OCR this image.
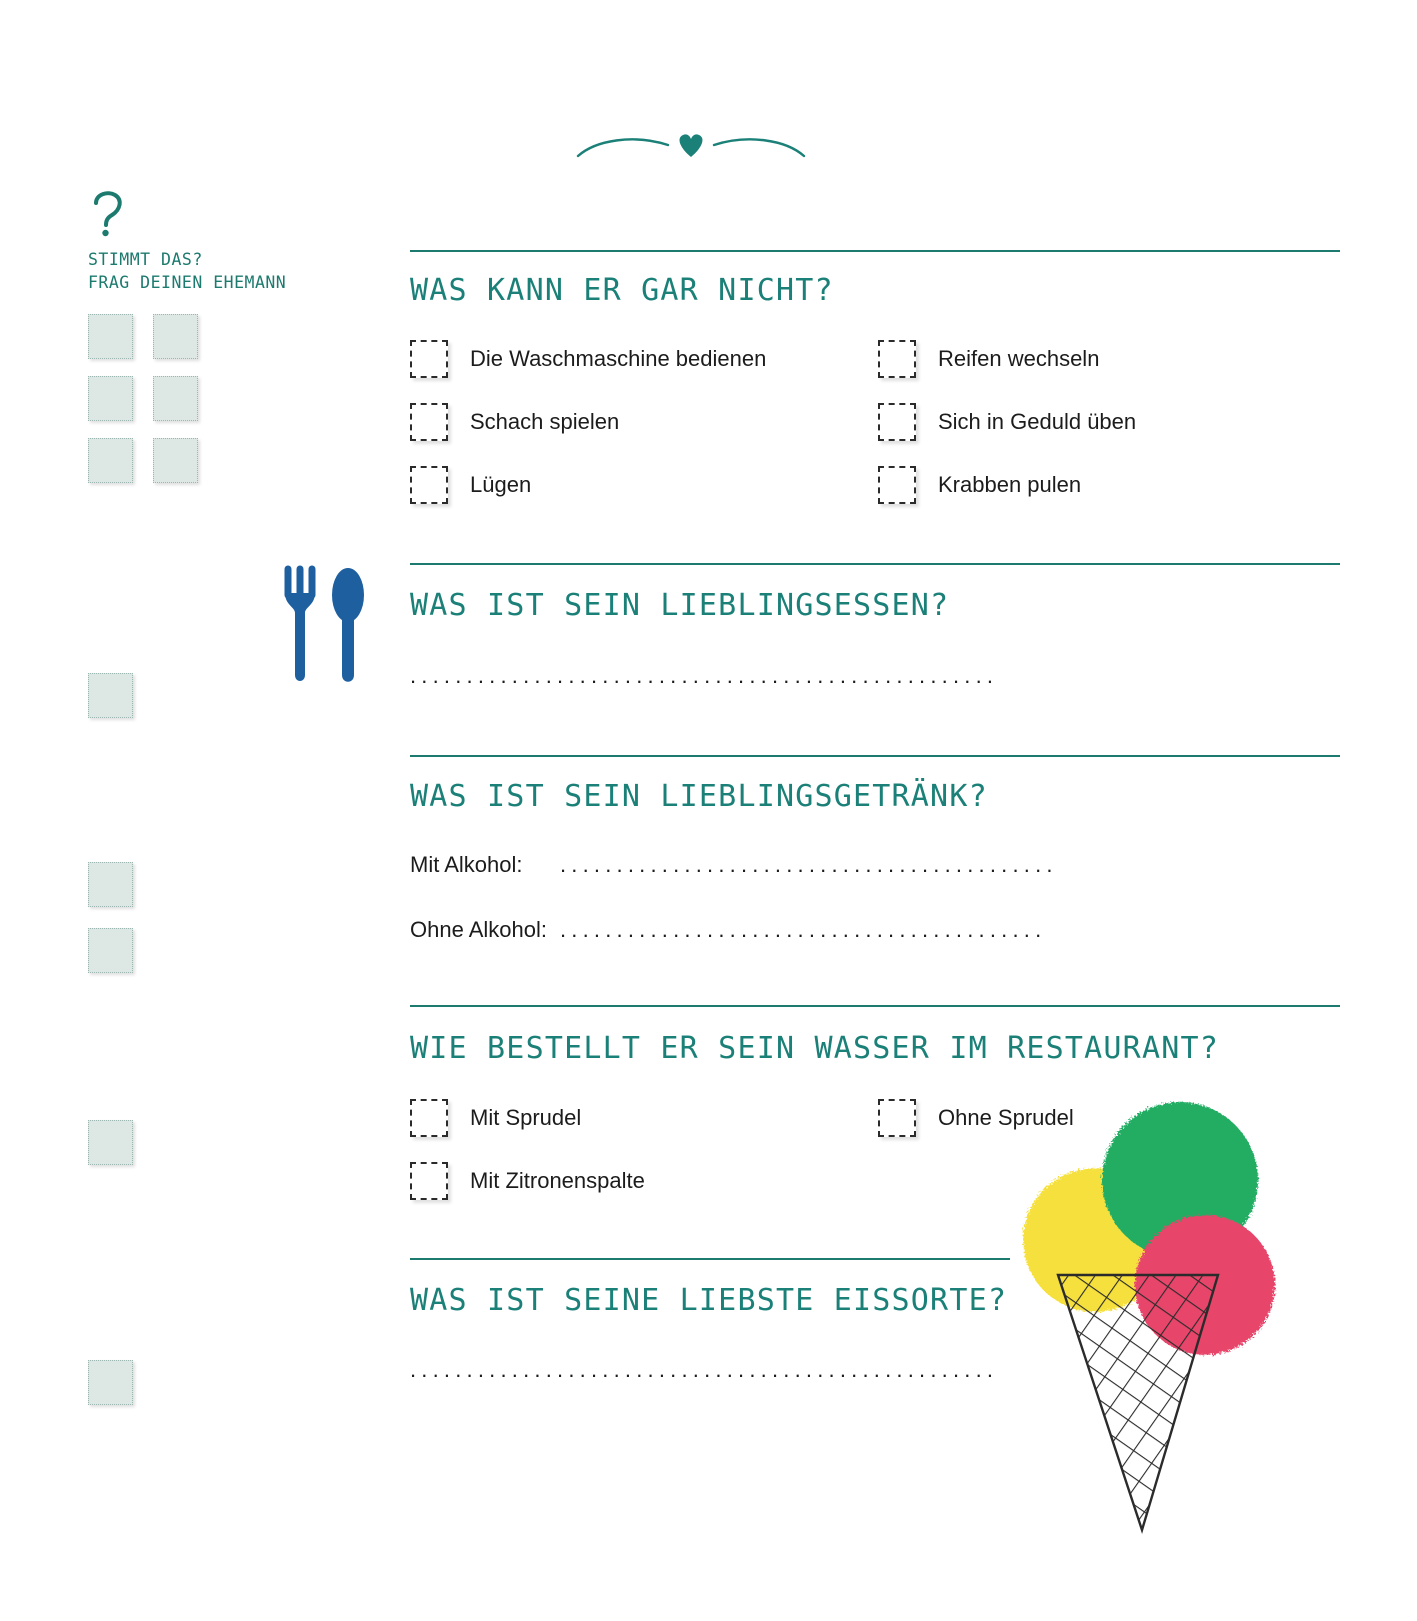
STIMMT DAS?
FRAG DEINEN EHEMANN	WAS KANN ER GAR NICHT?
Die Waschmaschine bedienen
Schach spielen
Lügen
Reifen wechseln
Sich in Geduld üben
Krabben pulen
WAS IST SEIN LIEBLINGSESSEN?
....................................................
WAS IST SEIN LIEBLINGSGETRÄNK?
Mit Alkohol: ............................................
Ohne Alkohol: ...........................................
WIE BESTELLT ER SEIN WASSER IM RESTAURANT?
Mit Sprudel
Mit Zitronenspalte
Ohne Sprudel
WAS IST SEINE LIEBSTE EISSORTE?
....................................................
